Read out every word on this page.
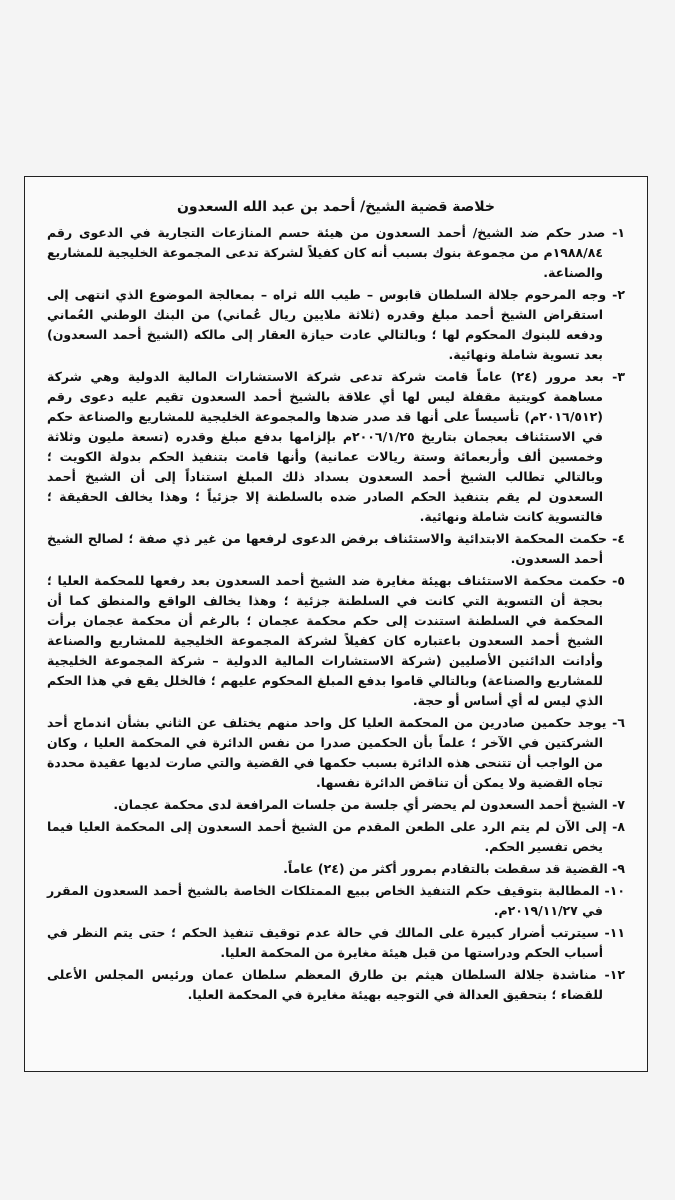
خلاصة قضية الشيخ/ أحمد بن عبد الله السعدون

١- صدر حكم ضد الشيخ/ أحمد السعدون من هيئة حسم المنازعات التجارية في الدعوى رقم ١٩٨٨/٨٤م من مجموعة بنوك بسبب أنه كان كفيلاً لشركة تدعى المجموعة الخليجية للمشاريع والصناعة.

٢- وجه المرحوم جلالة السلطان قابوس – طيب الله ثراه – بمعالجة الموضوع الذي انتهى إلى استقراض الشيخ أحمد مبلغ وقدره (ثلاثة ملايين ريال عُماني) من البنك الوطني العُماني ودفعه للبنوك المحكوم لها ؛ وبالتالي عادت حيازة العقار إلى مالكه (الشيخ أحمد السعدون) بعد تسوية شاملة ونهائية.

٣- بعد مرور (٢٤) عاماً قامت شركة تدعى شركة الاستشارات المالية الدولية وهي شركة مساهمة كويتية مقفلة ليس لها أي علاقة بالشيخ أحمد السعدون تقيم عليه دعوى رقم (٢٠١٦/٥١٢م) تأسيساً على أنها قد صدر ضدها والمجموعة الخليجية للمشاريع والصناعة حكم في الاستئناف بعجمان بتاريخ ٢٠٠٦/١/٢٥م بإلزامها بدفع مبلغ وقدره (تسعة مليون وثلاثة وخمسين ألف وأربعمائة وستة ريالات عمانية) وأنها قامت بتنفيذ الحكم بدولة الكويت ؛ وبالتالي تطالب الشيخ أحمد السعدون بسداد ذلك المبلغ استناداً إلى أن الشيخ أحمد السعدون لم يقم بتنفيذ الحكم الصادر ضده بالسلطنة إلا جزئياً ؛ وهذا يخالف الحقيقة ؛ فالتسوية كانت شاملة ونهائية.

٤- حكمت المحكمة الابتدائية والاستئناف برفض الدعوى لرفعها من غير ذي صفة ؛ لصالح الشيخ أحمد السعدون.

٥- حكمت محكمة الاستئناف بهيئة مغايرة ضد الشيخ أحمد السعدون بعد رفعها للمحكمة العليا ؛ بحجة أن التسوية التي كانت في السلطنة جزئية ؛ وهذا يخالف الواقع والمنطق كما أن المحكمة في السلطنة استندت إلى حكم محكمة عجمان ؛ بالرغم أن محكمة عجمان برأت الشيخ أحمد السعدون باعتباره كان كفيلاً لشركة المجموعة الخليجية للمشاريع والصناعة وأدانت الدائنين الأصليين (شركة الاستشارات المالية الدولية – شركة المجموعة الخليجية للمشاريع والصناعة) وبالتالي قاموا بدفع المبلغ المحكوم عليهم ؛ فالخلل يقع في هذا الحكم الذي ليس له أي أساس أو حجة.

٦- يوجد حكمين صادرين من المحكمة العليا كل واحد منهم يختلف عن الثاني بشأن اندماج أحد الشركتين في الآخر ؛ علماً بأن الحكمين صدرا من نفس الدائرة في المحكمة العليا ، وكان من الواجب أن تتنحى هذه الدائرة بسبب حكمها في القضية والتي صارت لديها عقيدة محددة تجاه القضية ولا يمكن أن تناقض الدائرة نفسها.

٧- الشيخ أحمد السعدون لم يحضر أي جلسة من جلسات المرافعة لدى محكمة عجمان.

٨- إلى الآن لم يتم الرد على الطعن المقدم من الشيخ أحمد السعدون إلى المحكمة العليا فيما يخص تفسير الحكم.

٩- القضية قد سقطت بالتقادم بمرور أكثر من (٢٤) عاماً.

١٠- المطالبة بتوقيف حكم التنفيذ الخاص ببيع الممتلكات الخاصة بالشيخ أحمد السعدون المقرر في ٢٠١٩/١١/٢٧م.

١١- سيترتب أضرار كبيرة على المالك في حالة عدم توقيف تنفيذ الحكم ؛ حتى يتم النظر في أسباب الحكم ودراستها من قبل هيئة مغايرة من المحكمة العليا.

١٢- مناشدة جلالة السلطان هيثم بن طارق المعظم سلطان عمان ورئيس المجلس الأعلى للقضاء ؛ بتحقيق العدالة في التوجيه بهيئة مغايرة في المحكمة العليا.
